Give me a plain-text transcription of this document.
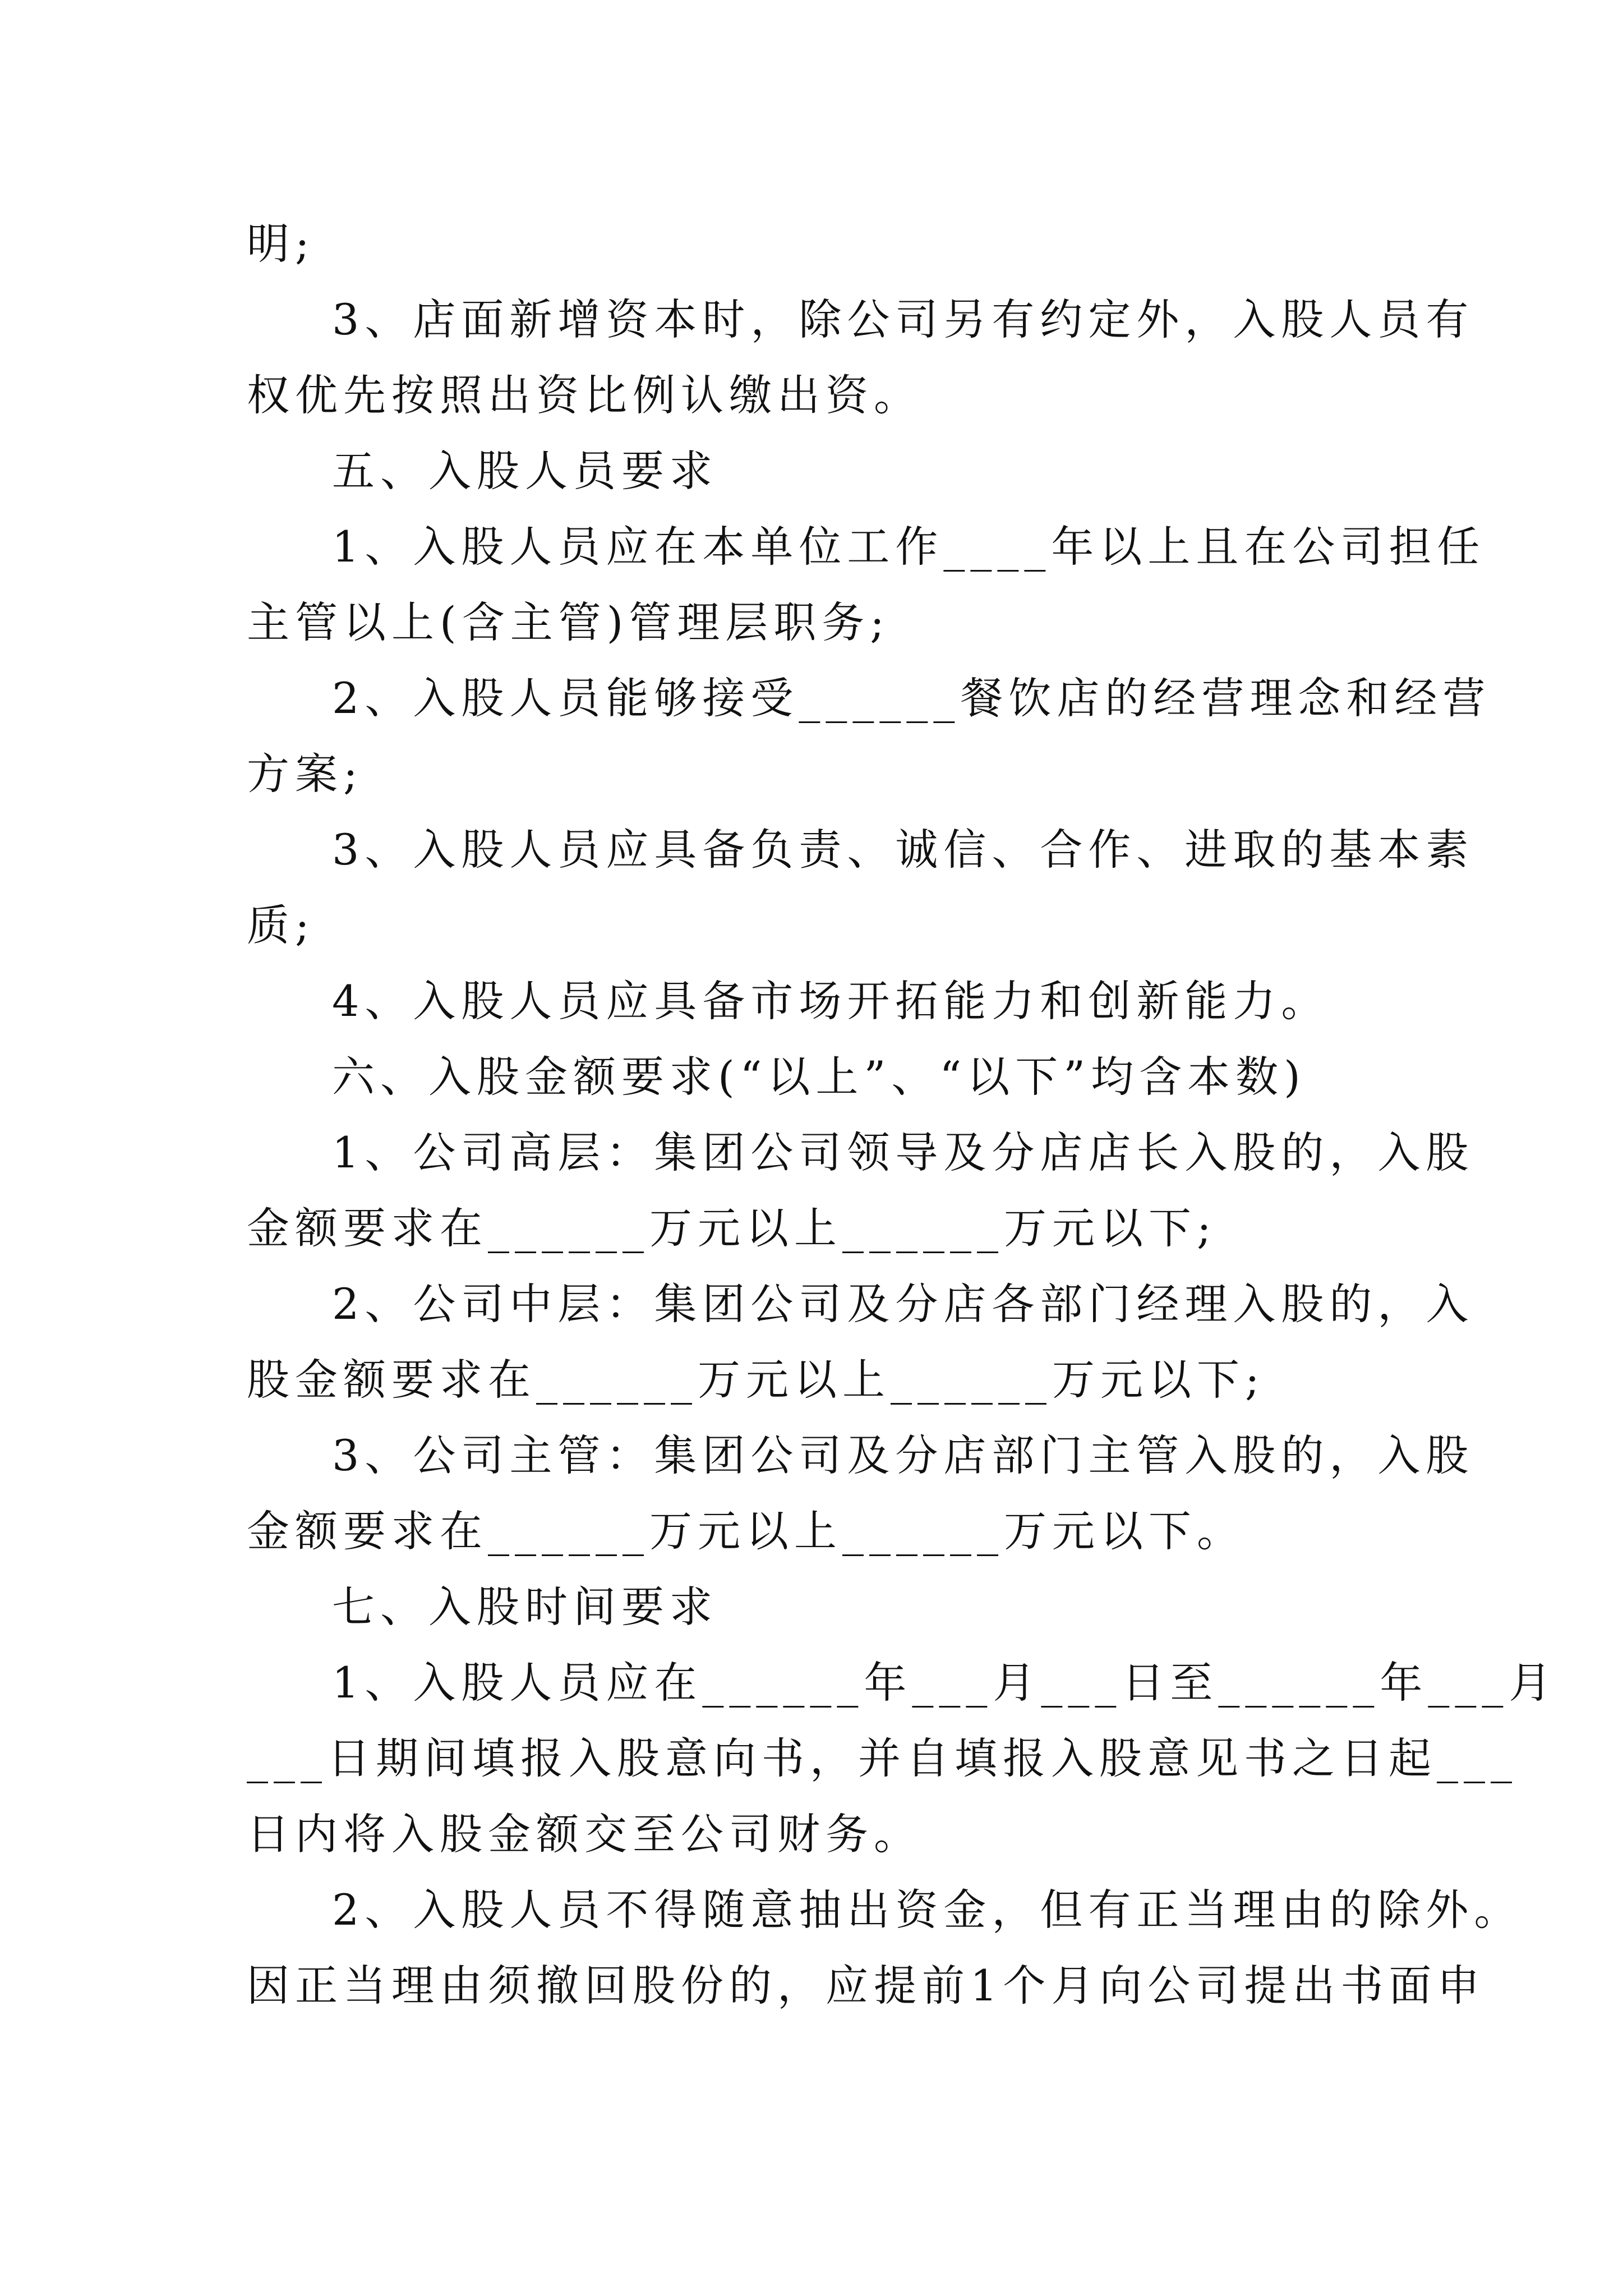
明;
3、店面新增资本时，除公司另有约定外，入股人员有
权优先按照出资比例认缴出资。
五、入股人员要求
1、入股人员应在本单位工作____年以上且在公司担任
主管以上(含主管)管理层职务;
2、入股人员能够接受______餐饮店的经营理念和经营
方案;
3、入股人员应具备负责、诚信、合作、进取的基本素
质;
4、入股人员应具备市场开拓能力和创新能力。
六、入股金额要求(“以上”、“以下”均含本数)
1、公司高层：集团公司领导及分店店长入股的，入股
金额要求在______万元以上______万元以下;
2、公司中层：集团公司及分店各部门经理入股的，入
股金额要求在______万元以上______万元以下;
3、公司主管：集团公司及分店部门主管入股的，入股
金额要求在______万元以上______万元以下。
七、入股时间要求
1、入股人员应在______年___月___日至______年___月
___日期间填报入股意向书，并自填报入股意见书之日起___
日内将入股金额交至公司财务。
2、入股人员不得随意抽出资金，但有正当理由的除外。
因正当理由须撤回股份的，应提前1个月向公司提出书面申
